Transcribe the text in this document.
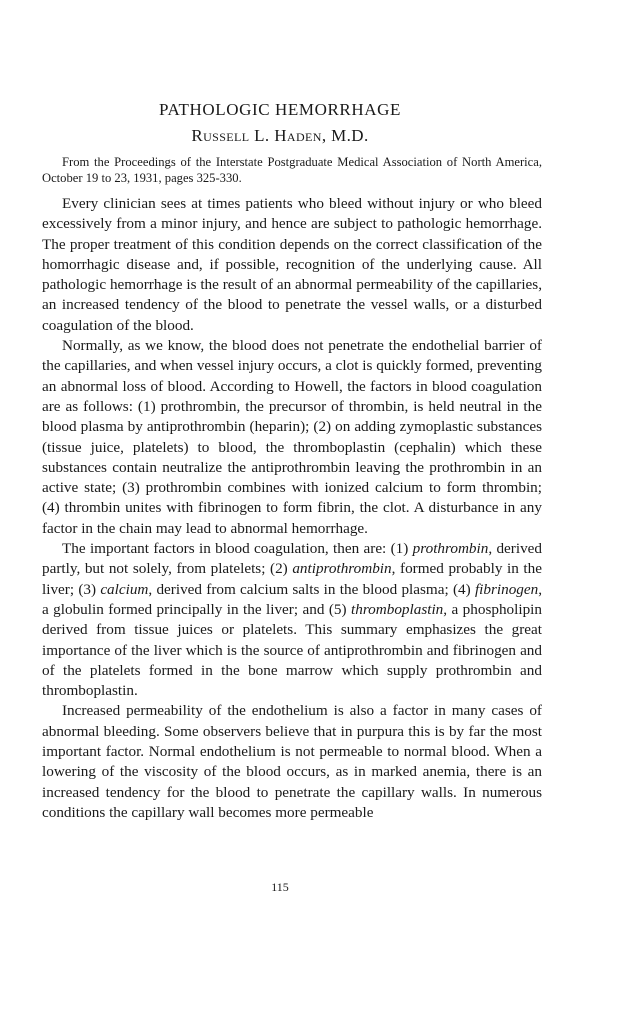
PATHOLOGIC HEMORRHAGE
Russell L. Haden, M.D.
From the Proceedings of the Interstate Postgraduate Medical Association of North America, October 19 to 23, 1931, pages 325-330.

Every clinician sees at times patients who bleed without injury or who bleed excessively from a minor injury, and hence are subject to pathologic hemorrhage. The proper treatment of this condition depends on the correct classification of the homorrhagic disease and, if possible, recognition of the underlying cause. All pathologic hemorrhage is the result of an abnormal permeability of the capillaries, an increased tendency of the blood to penetrate the vessel walls, or a disturbed coagulation of the blood.

Normally, as we know, the blood does not penetrate the endothelial barrier of the capillaries, and when vessel injury occurs, a clot is quickly formed, preventing an abnormal loss of blood. According to Howell, the factors in blood coagulation are as follows: (1) prothrombin, the precursor of thrombin, is held neutral in the blood plasma by antiprothrombin (heparin); (2) on adding zymoplastic substances (tissue juice, platelets) to blood, the thromboplastin (cephalin) which these substances contain neutralize the antiprothrombin leaving the prothrombin in an active state; (3) prothrombin combines with ionized calcium to form thrombin; (4) thrombin unites with fibrinogen to form fibrin, the clot. A disturbance in any factor in the chain may lead to abnormal hemorrhage.

The important factors in blood coagulation, then are: (1) prothrombin, derived partly, but not solely, from platelets; (2) antiprothrombin, formed probably in the liver; (3) calcium, derived from calcium salts in the blood plasma; (4) fibrinogen, a globulin formed principally in the liver; and (5) thromboplastin, a phospholipin derived from tissue juices or platelets. This summary emphasizes the great importance of the liver which is the source of antiprothrombin and fibrinogen and of the platelets formed in the bone marrow which supply prothrombin and thromboplastin.

Increased permeability of the endothelium is also a factor in many cases of abnormal bleeding. Some observers believe that in purpura this is by far the most important factor. Normal endothelium is not permeable to normal blood. When a lowering of the viscosity of the blood occurs, as in marked anemia, there is an increased tendency for the blood to penetrate the capillary walls. In numerous conditions the capillary wall becomes more permeable

115
